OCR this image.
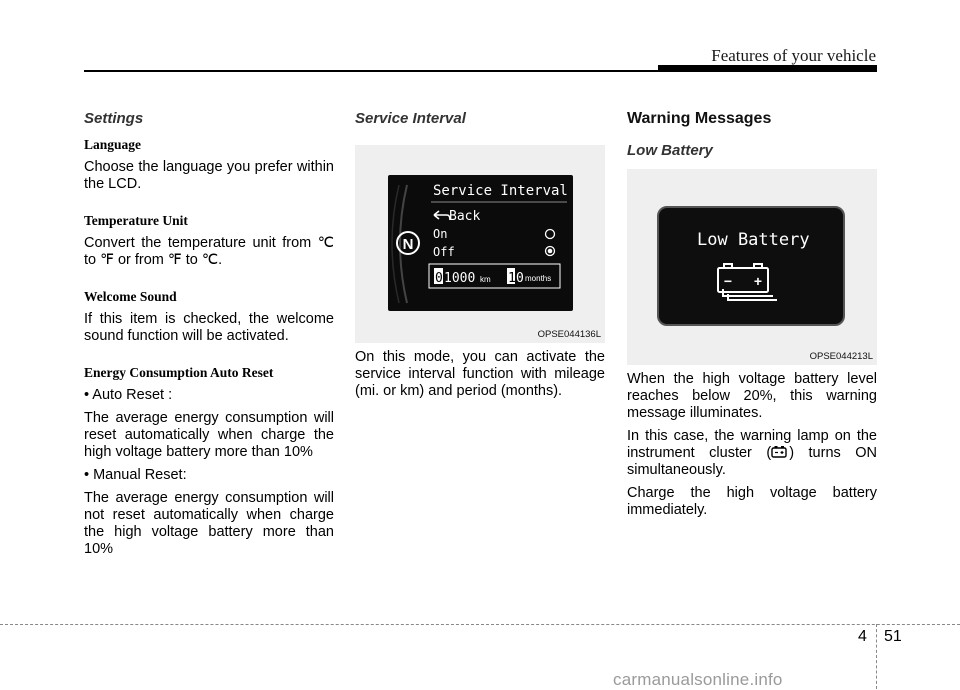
Features of your vehicle
Settings
Language

Choose the language you prefer within the LCD.

Temperature Unit

Convert the temperature unit from ℃ to ℉ or from ℉ to ℃.

Welcome Sound

If this item is checked, the welcome sound function will be activated.

Energy Consumption Auto Reset

• Auto Reset :

The average energy consumption will reset automatically when charge the high voltage battery more than 10%

• Manual Reset:

The average energy consumption will not reset automatically when charge the high voltage battery more than 10%

Service Interval
N
Service Interval
Back
On
Off
0 1000 km 1 0 months
OPSE044136L

On this mode, you can activate the service interval function with mileage (mi. or km) and period (months).

Warning Messages
Low Battery
Low Battery
− +
OPSE044213L

When the high voltage battery level reaches below 20%, this warning message illuminates.

In this case, the warning lamp on the instrument cluster ( ) turns ON simultaneously.

Charge the high voltage battery immediately.

4 51
carmanualsonline.info
